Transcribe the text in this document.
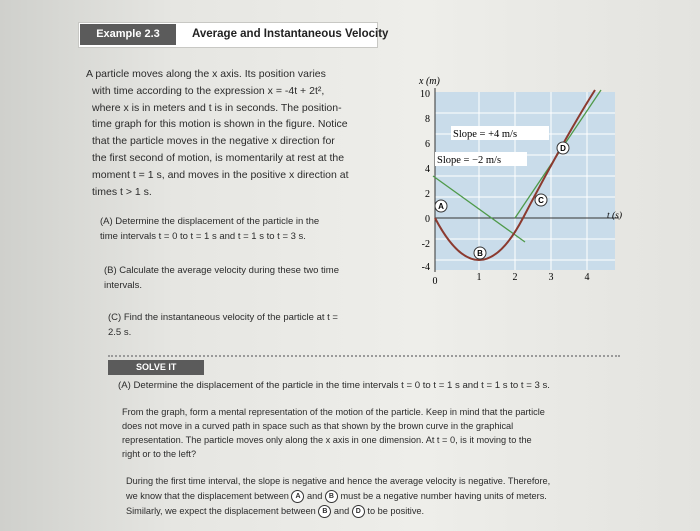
Example 2.3	Average and Instantaneous Velocity
A particle moves along the x axis. Its position varies
with time according to the expression x = -4t + 2t²,
where x is in meters and t is in seconds. The position-
time graph for this motion is shown in the figure. Notice
that the particle moves in the negative x direction for
the first second of motion, is momentarily at rest at the
moment t = 1 s, and moves in the positive x direction at
times t > 1 s.
(A) Determine the displacement of the particle in the
time intervals t = 0 to t = 1 s and t = 1 s to t = 3 s.
(B) Calculate the average velocity during these two time
intervals.
(C) Find the instantaneous velocity of the particle at t =
2.5 s.
10
8
6
4
2
0
-2
-4
0	1	2	3	4
x (m)
t (s)
Slope = +4 m/s
Slope = −2 m/s
A
B
C
D
SOLVE IT
(A) Determine the displacement of the particle in the time intervals t = 0 to t = 1 s and t = 1 s to t = 3 s.
From the graph, form a mental representation of the motion of the particle. Keep in mind that the particle
does not move in a curved path in space such as that shown by the brown curve in the graphical
representation. The particle moves only along the x axis in one dimension. At t = 0, is it moving to the
right or to the left?
During the first time interval, the slope is negative and hence the average velocity is negative. Therefore,
we know that the displacement between A and B must be a negative number having units of meters.
Similarly, we expect the displacement between B and D to be positive.
